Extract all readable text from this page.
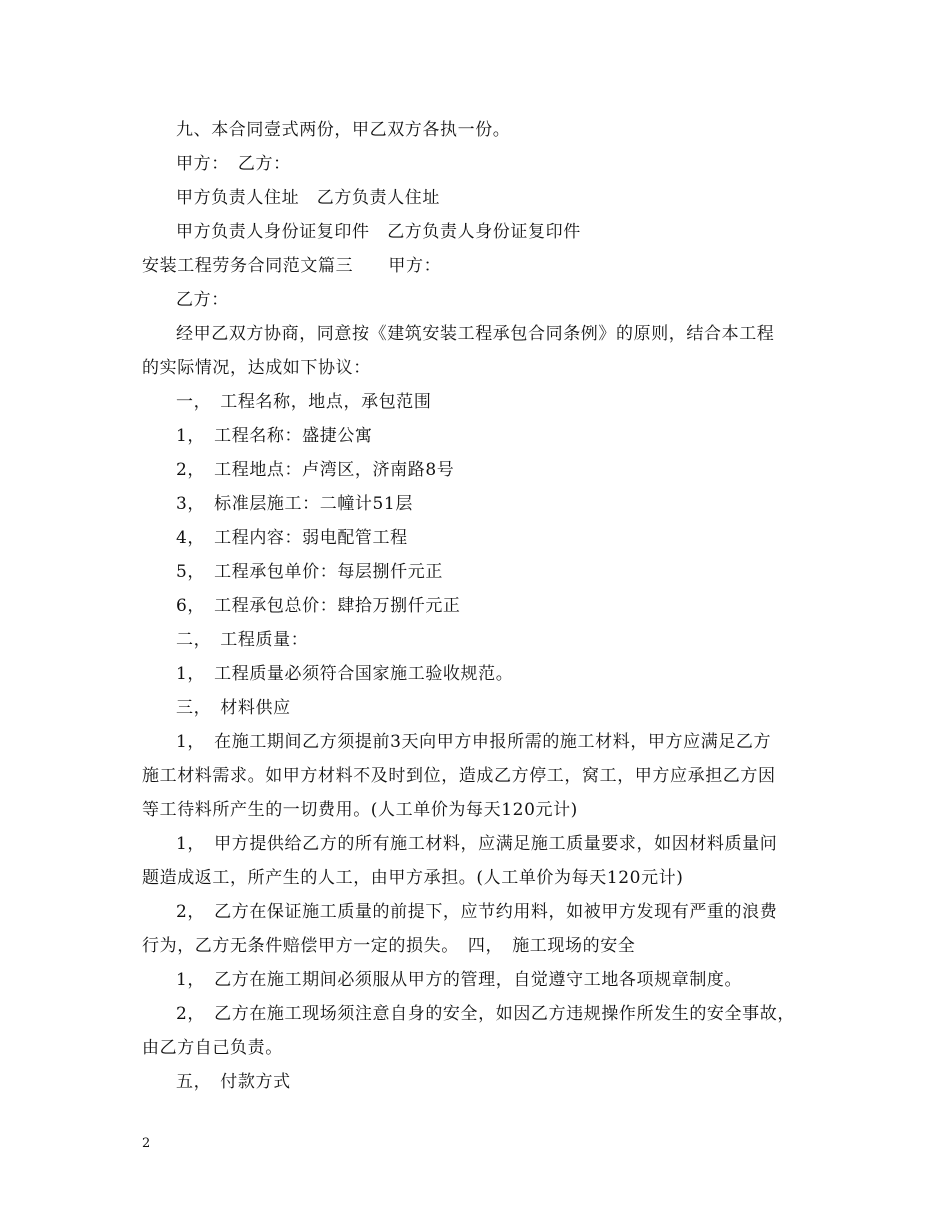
九、本合同壹式两份，甲乙双方各执一份。
甲方：　乙方：
甲方负责人住址　乙方负责人住址
甲方负责人身份证复印件　乙方负责人身份证复印件
安装工程劳务合同范文篇三　　甲方：
乙方：
经甲乙双方协商，同意按《建筑安装工程承包合同条例》的原则，结合本工程
的实际情况，达成如下协议：
一，　工程名称，地点，承包范围
1，　工程名称：盛捷公寓
2，　工程地点：卢湾区，济南路8号
3，　标准层施工：二幢计51层
4，　工程内容：弱电配管工程
5，　工程承包单价：每层捌仟元正
6，　工程承包总价：肆拾万捌仟元正
二，　工程质量：
1，　工程质量必须符合国家施工验收规范。
三，　材料供应
1，　在施工期间乙方须提前3天向甲方申报所需的施工材料，甲方应满足乙方
施工材料需求。如甲方材料不及时到位，造成乙方停工，窝工，甲方应承担乙方因
等工待料所产生的一切费用。(人工单价为每天120元计)
1，　甲方提供给乙方的所有施工材料，应满足施工质量要求，如因材料质量问
题造成返工，所产生的人工，由甲方承担。(人工单价为每天120元计)
2，　乙方在保证施工质量的前提下，应节约用料，如被甲方发现有严重的浪费
行为，乙方无条件赔偿甲方一定的损失。　四，　施工现场的安全
1，　乙方在施工期间必须服从甲方的管理，自觉遵守工地各项规章制度。
2，　乙方在施工现场须注意自身的安全，如因乙方违规操作所发生的安全事故，
由乙方自己负责。
五，　付款方式
2
